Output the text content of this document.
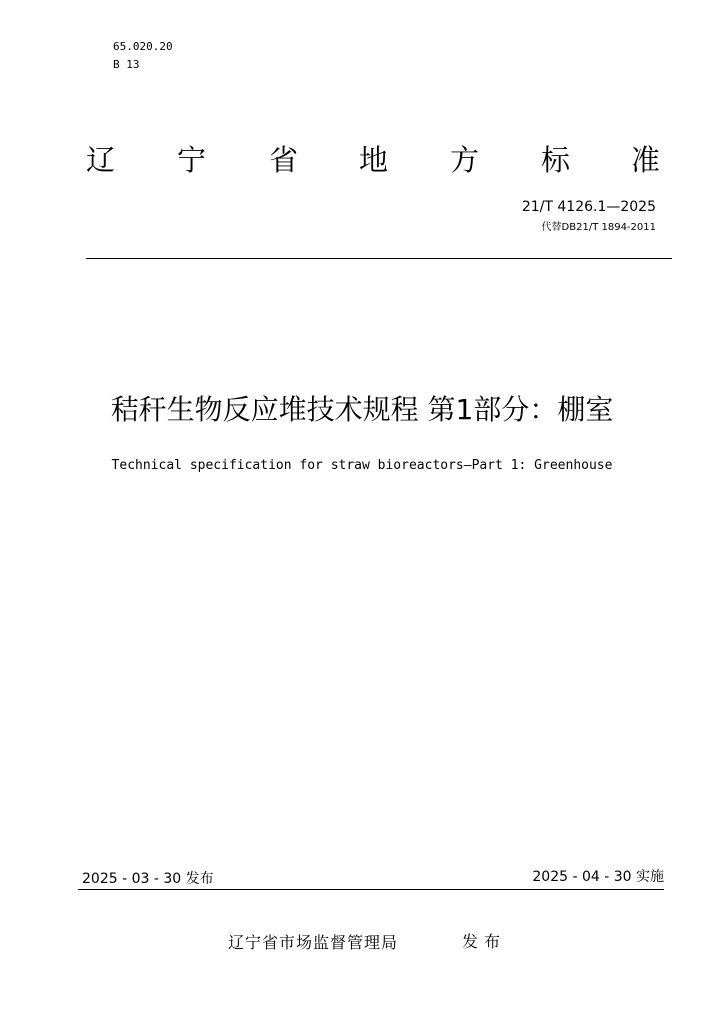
65.020.20
B 13
辽 宁 省 地 方 标 准
21/T 4126.1—2025
代替DB21/T 1894-2011
秸秆生物反应堆技术规程 第1部分：棚室
Technical specification for straw bioreactors—Part 1: Greenhouse
2025 - 03 - 30 发布	2025 - 04 - 30 实施
辽宁省市场监督管理局	发布
